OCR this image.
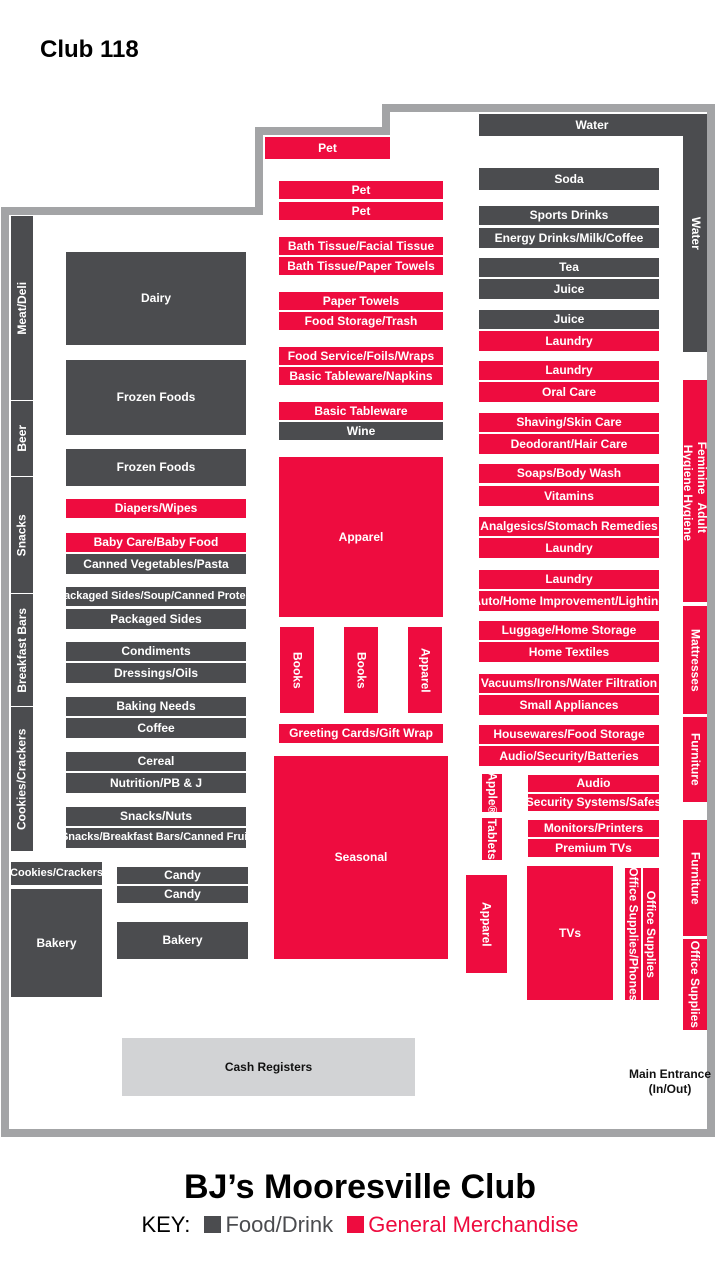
Club 118
Pet
Water
Water
Soda
Pet
Pet
Bath Tissue/Facial Tissue
Bath Tissue/Paper Towels
Paper Towels
Food Storage/Trash
Food Service/Foils/Wraps
Basic Tableware/Napkins
Basic Tableware
Wine
Apparel
Books	Books	Apparel
Greeting Cards/Gift Wrap
Seasonal
Sports Drinks
Energy Drinks/Milk/Coffee
Tea
Juice
Juice
Laundry
Laundry
Oral Care
Shaving/Skin Care
Deodorant/Hair Care
Soaps/Body Wash
Vitamins
Analgesics/Stomach Remedies
Laundry
Laundry
Auto/Home Improvement/Lighting
Luggage/Home Storage
Home Textiles
Vacuums/Irons/Water Filtration
Small Appliances
Housewares/Food Storage
Audio/Security/Batteries
Apple®	Audio
Security Systems/Safes
Tablets	Monitors/Printers
Premium TVs
Apparel	TVs	Office Supplies/Phones Office Supplies
Feminine Hygiene
Adult Hygiene
Mattresses
Furniture
Furniture
Office Supplies
Meat/Deli
Beer
Snacks
Breakfast Bars
Cookies/Crackers
Dairy
Frozen Foods
Frozen Foods
Diapers/Wipes
Baby Care/Baby Food
Canned Vegetables/Pasta
Packaged Sides/Soup/Canned Protein
Packaged Sides
Condiments
Dressings/Oils
Baking Needs
Coffee
Cereal
Nutrition/PB & J
Snacks/Nuts
Snacks/Breakfast Bars/Canned Fruit
Cookies/Crackers	Candy
Candy
Bakery	Bakery
Cash Registers
Main Entrance (In/Out)
BJ’s Mooresville Club
KEY: Food/Drink General Merchandise
